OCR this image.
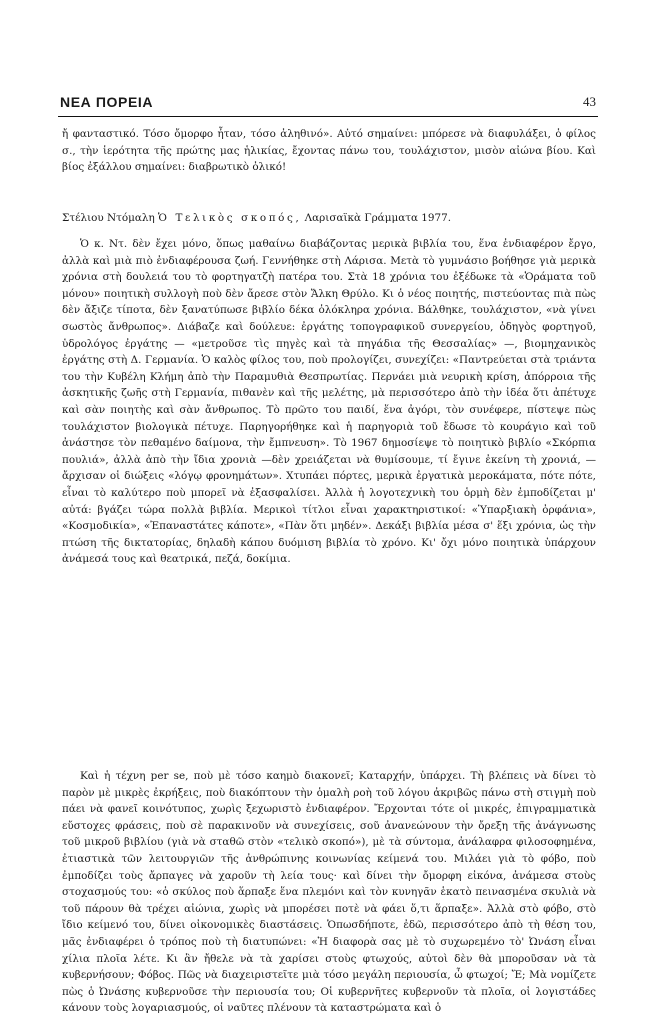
ΝΕΑ ΠΟΡΕΙΑ	43

ἤ φανταστικό. Τόσο ὄμορφο ἦταν, τόσο ἀληθινό». Αὐτό σημαίνει: μπόρεσε νὰ διαφυλάξει, ὁ φίλος σ., τὴν ἱερότητα τῆς πρώτης μας ἡλικίας, ἔχοντας πάνω του, τουλάχιστον, μισὸν αἰώνα βίου. Καὶ βίος ἐξάλλου σημαίνει: διαβρωτικὸ ὀλικό!

Στέλιου Ντόμαλη Ὁ Τελικὸς σκοπός, Λαρισαϊκὰ Γράμματα 1977.

Ὁ κ. Ντ. δὲν ἔχει μόνο, ὅπως μαθαίνω διαβάζοντας μερικὰ βιβλία του, ἕνα ἐνδιαφέρον ἔργο, ἀλλὰ καὶ μιὰ πιὸ ἐνδιαφέρουσα ζωή. Γεννήθηκε στὴ Λάρισα. Μετὰ τὸ γυμνάσιο βοήθησε γιὰ μερικὰ χρόνια στὴ δουλειά του τὸ φορτηγατζὴ πατέρα του. Στὰ 18 χρόνια του ἐξέδωκε τὰ «Ὁράματα τοῦ μόνου» ποιητικὴ συλλογὴ ποὺ δὲν ἄρεσε στὸν Ἄλκη Θρύλο. Κι ὁ νέος ποιητής, πιστεύοντας πιὰ πὼς δὲν ἄξιζε τίποτα, δὲν ξανατύπωσε βιβλίο δέκα ὁλόκληρα χρόνια. Βάλθηκε, τουλάχιστον, «νὰ γίνει σωστὸς ἄνθρωπος». Διάβαζε καὶ δούλευε: ἐργάτης τοπογραφικοῦ συνεργείου, ὁδηγὸς φορτηγοῦ, ὑδρολόγος ἐργάτης — «μετροῦσε τὶς πηγὲς καὶ τὰ πηγάδια τῆς Θεσσαλίας» —, βιομηχανικὸς ἐργάτης στὴ Δ. Γερμανία. Ὁ καλὸς φίλος του, ποὺ προλογίζει, συνεχίζει: «Παντρεύεται στὰ τριάντα του τὴν Κυβέλη Κλήμη ἀπὸ τὴν Παραμυθιὰ Θεσπρωτίας. Περνάει μιὰ νευρικὴ κρίση, ἀπόρροια τῆς ἀσκητικῆς ζωῆς στὴ Γερμανία, πιθανὲν καὶ τῆς μελέτης, μὰ περισσότερο ἀπὸ τὴν ἰδέα ὅτι ἀπέτυχε καὶ σὰν ποιητὴς καὶ σὰν ἄνθρωπος. Τὸ πρῶτο του παιδί, ἕνα ἀγόρι, τὸν συνέφερε, πίστεψε πὼς τουλάχιστον βιολογικὰ πέτυχε. Παρηγορήθηκε καὶ ἡ παρηγοριὰ τοῦ ἔδωσε τὸ κουράγιο καὶ τοῦ ἀνάστησε τὸν πεθαμένο δαίμονα, τὴν ἔμπνευση». Τὸ 1967 δημοσίεψε τὸ ποιητικὸ βιβλίο «Σκόρπια πουλιά», ἀλλὰ ἀπὸ τὴν ἴδια χρονιὰ —δὲν χρειάζεται νὰ θυμίσουμε, τί ἔγινε ἐκείνη τὴ χρονιά, — ἄρχισαν οἱ διώξεις «λόγῳ φρονημάτων». Χτυπάει πόρτες, μερικὰ ἐργατικὰ μεροκάματα, πότε πότε, εἶναι τὸ καλύτερο ποὺ μπορεῖ νὰ ἐξασφαλίσει. Ἀλλὰ ἡ λογοτεχνικὴ του ὁρμὴ δὲν ἐμποδίζεται μ' αὐτά: βγάζει τώρα πολλὰ βιβλία. Μερικοὶ τίτλοι εἶναι χαρακτηριστικοί: «Ὑπαρξιακὴ ὀρφάνια», «Κοσμοδικία», «Ἐπαναστάτες κάποτε», «Πὰν ὅτι μηδέν». Δεκάξι βιβλία μέσα σ' ἕξι χρόνια, ὡς τὴν πτώση τῆς δικτατορίας, δηλαδὴ κάπου δυόμιση βιβλία τὸ χρόνο. Κι' ὄχι μόνο ποιητικὰ ὑπάρχουν ἀνάμεσά τους καὶ θεατρικά, πεζά, δοκίμια.

Καὶ ἡ τέχνη per se, ποὺ μὲ τόσο καημὸ διακονεῖ; Καταρχήν, ὑπάρχει. Τὴ βλέπεις νὰ δίνει τὸ παρὸν μὲ μικρὲς ἐκρήξεις, ποὺ διακόπτουν τὴν ὁμαλὴ ροὴ τοῦ λόγου ἀκριβῶς πάνω στὴ στιγμὴ ποὺ πάει νὰ φανεῖ κοινότυπος, χωρὶς ξεχωριστὸ ἐνδιαφέρον. Ἔρχονται τότε οἱ μικρές, ἐπιγραμματικὰ εὔστοχες φράσεις, ποὺ σὲ παρακινοῦν νὰ συνεχίσεις, σοῦ ἀνανεώνουν τὴν ὄρεξη τῆς ἀνάγνωσης τοῦ μικροῦ βιβλίου (γιὰ νὰ σταθῶ στὸν «τελικὸ σκοπό»), μὲ τὰ σύντομα, ἀνάλαφρα φιλοσοφημένα, ἐτιαστικὰ τῶν λειτουργιῶν τῆς ἀνθρώπινης κοινωνίας κείμενά του. Μιλάει γιὰ τὸ φόβο, ποὺ ἐμποδίζει τοὺς ἄρπαγες νὰ χαροῦν τὴ λεία τους· καὶ δίνει τὴν ὄμορφη εἰκόνα, ἀνάμεσα στοὺς στοχασμούς του: «ὁ σκύλος ποὺ ἅρπαξε ἕνα πλεμόνι καὶ τὸν κυνηγᾶν ἑκατὸ πεινασμένα σκυλιὰ νὰ τοῦ πάρουν θὰ τρέχει αἰώνια, χωρὶς νὰ μπορέσει ποτὲ νὰ φάει ὅ,τι ἅρπαξε». Ἀλλὰ στὸ φόβο, στὸ ἴδιο κείμενό του, δίνει οἰκονομικὲς διαστάσεις. Ὁπωσδήποτε, ἐδῶ, περισσότερο ἀπὸ τὴ θέση του, μᾶς ἐνδιαφέρει ὁ τρόπος ποὺ τὴ διατυπώνει: «Ἡ διαφορὰ σας μὲ τὸ συχωρεμένο τὸ' Ὠνάση εἶναι χίλια πλοῖα λέτε. Κι ἂν ἤθελε νὰ τὰ χαρίσει στοὺς φτωχούς, αὐτοὶ δὲν θὰ μποροῦσαν νὰ τὰ κυβερνήσουν; Φόβος. Πῶς νὰ διαχειριστεῖτε μιὰ τόσο μεγάλη περιουσία, ὦ φτωχοί; Ἔ; Μὰ νομίζετε πὼς ὁ Ὠνάσης κυβερνοῦσε τὴν περιουσία του; Οἱ κυβερνῆτες κυβερνοῦν τὰ πλοῖα, οἱ λογιστάδες κάνουν τοὺς λογαριασμούς, οἱ ναῦτες πλένουν τὰ καταστρώματα καὶ ὁ
